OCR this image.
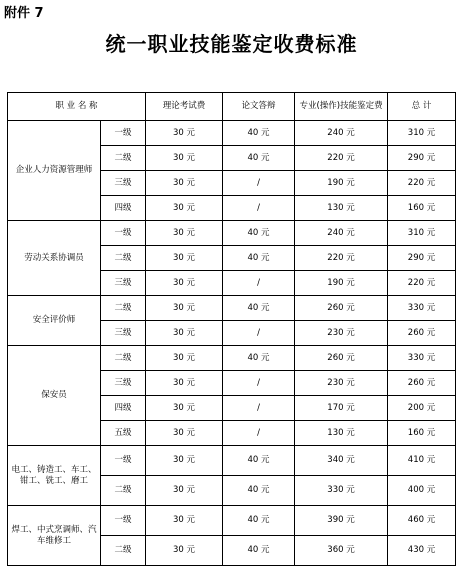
附件 7
统一职业技能鉴定收费标准
职 业 名 称		理论考试费	论文答辩	专业(操作)技能鉴定费	总 计
企业人力资源管理师	一级	30 元	40 元	240 元	310 元
	二级	30 元	40 元	220 元	290 元
	三级	30 元	/	190 元	220 元
	四级	30 元	/	130 元	160 元
劳动关系协调员	一级	30 元	40 元	240 元	310 元
	二级	30 元	40 元	220 元	290 元
	三级	30 元	/	190 元	220 元
安全评价师	二级	30 元	40 元	260 元	330 元
	三级	30 元	/	230 元	260 元
保安员	二级	30 元	40 元	260 元	330 元
	三级	30 元	/	230 元	260 元
	四级	30 元	/	170 元	200 元
	五级	30 元	/	130 元	160 元
电工、铸造工、车工、钳工、铣工、磨工	一级	30 元	40 元	340 元	410 元
	二级	30 元	40 元	330 元	400 元
焊工、中式烹调师、汽车维修工	一级	30 元	40 元	390 元	460 元
	二级	30 元	40 元	360 元	430 元
